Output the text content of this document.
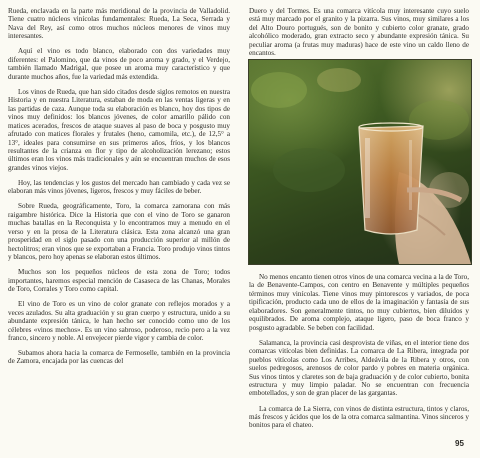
Rueda, enclavada en la parte más meridional de la provincia de Valladolid. Tiene cuatro núcleos vinícolas fundamentales: Rueda, La Seca, Serrada y Nava del Rey, así como otros muchos núcleos menores de vinos muy interesantes.

Aquí el vino es todo blanco, elaborado con dos variedades muy diferentes: el Palomino, que da vinos de poco aroma y grado, y el Verdejo, también llamado Madrigal, que posee un aroma muy característico y que durante muchos años, fue la variedad más extendida.

Los vinos de Rueda, que han sido citados desde siglos remotos en nuestra Historia y en nuestra Literatura, estaban de moda en las ventas ligeras y en las partidas de caza. Aunque toda su elaboración es blanco, hoy dos tipos de vinos muy definidos: los blancos jóvenes, de color amarillo pálido con matices acerados, frescos de ataque suaves al paso de boca y posgusto muy afrutado con matices florales y frutales (heno, camomila, etc.), de 12,5° a 13°, ideales para consumirse en sus primeros años, fríos, y los blancos resultantes de la crianza en flor y tipo de alcoholización lerezano; estos últimos eran los vinos más tradicionales y aún se encuentran muchos de esos grandes vinos viejos.

Hoy, las tendencias y los gustos del mercado han cambiado y cada vez se elaboran más vinos jóvenes, ligeros, frescos y muy fáciles de beber.

Sobre Rueda, geográficamente, Toro, la comarca zamorana con más raigambre histórica. Dice la Historia que con el vino de Toro se ganaron muchas batallas en la Reconquista y lo encontramos muy a menudo en el verso y en la prosa de la Literatura clásica. Esta zona alcanzó una gran prosperidad en el siglo pasado con una producción superior al millón de hectolitros; eran vinos que se exportaban a Francia. Toro produjo vinos tintos y blancos, pero hoy apenas se elaboran estos últimos.

Muchos son los pequeños núcleos de esta zona de Toro; todos importantes, haremos especial mención de Casaseca de las Chanas, Morales de Toro, Corrales y Toro como capital.

El vino de Toro es un vino de color granate con reflejos morados y a veces azulados. Su alta graduación y su gran cuerpo y estructura, unido a su abundante expresión tánica, le han hecho ser conocido como uno de los célebres «vinos mechos». Es un vino sabroso, poderoso, recio pero a la vez franco, sincero y noble. Al envejecer pierde vigor y cambia de color.

Subamos ahora hacia la comarca de Fermoselle, también en la provincia de Zamora, encajada por las cuencas del

Duero y del Tormes. Es una comarca vitícola muy interesante cuyo suelo está muy marcado por el granito y la pizarra. Sus vinos, muy similares a los del Alto Douro portugués, son de bonito y cubierto color granate, grado alcohólico moderado, gran extracto seco y abundante expresión tánica. Su peculiar aroma (a frutas muy maduras) hace de este vino un caldo lleno de encantos.

No menos encanto tienen otros vinos de una comarca vecina a la de Toro, la de Benavente-Campos, con centro en Benavente y múltiples pequeños términos muy vinícolas. Tiene vinos muy pintorescos y variados, de poca tipificación, producto cada uno de ellos de la imaginación y fantasía de sus elaboradores. Son generalmente tintos, no muy cubiertos, bien diluidos y equilibrados. De aroma complejo, ataque ligero, paso de boca franco y posgusto agradable. Se beben con facilidad.

Salamanca, la provincia casi desprovista de viñas, en el interior tiene dos comarcas vitícolas bien definidas. La comarca de La Ribera, integrada por pueblos vitícolas como Los Arribes, Aldeávila de la Ribera y otros, con suelos pedregosos, arenosos de color pardo y pobres en materia orgánica. Sus vinos tintos y claretes son de baja graduación y de color cubierto, bonita estructura y muy limpio paladar. No se encuentran con frecuencia embotellados, y son de gran placer de las gargantas.

La comarca de La Sierra, con vinos de distinta estructura, tintos y claros, más frescos y ácidos que los de la otra comarca salmantina. Vinos sinceros y bonitos para el chateo.

95
